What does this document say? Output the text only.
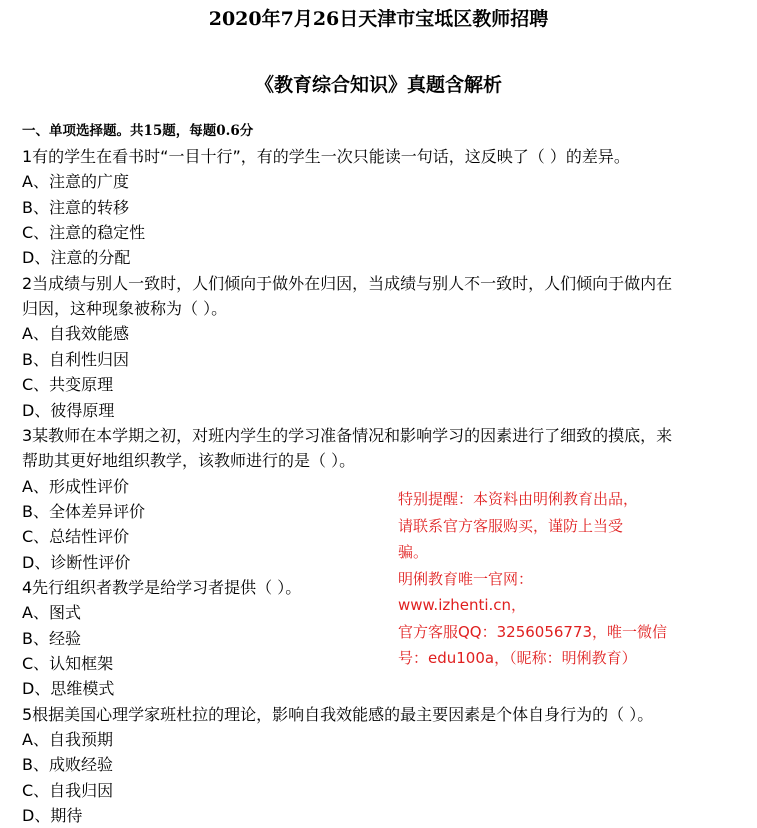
2020年7月26日天津市宝坻区教师招聘
《教育综合知识》真题含解析
一、单项选择题。共15题，每题0.6分
1有的学生在看书时“一目十行”，有的学生一次只能读一句话，这反映了（ ）的差异。
A、注意的广度
B、注意的转移
C、注意的稳定性
D、注意的分配
2当成绩与别人一致时，人们倾向于做外在归因，当成绩与别人不一致时，人们倾向于做内在
归因，这种现象被称为（ ）。
A、自我效能感
B、自利性归因
C、共变原理
D、彼得原理
3某教师在本学期之初，对班内学生的学习准备情况和影响学习的因素进行了细致的摸底，来
帮助其更好地组织教学，该教师进行的是（ ）。
A、形成性评价
B、全体差异评价
C、总结性评价
D、诊断性评价
4先行组织者教学是给学习者提供（ ）。
A、图式
B、经验
C、认知框架
D、思维模式
5根据美国心理学家班杜拉的理论，影响自我效能感的最主要因素是个体自身行为的（ ）。
A、自我预期
B、成败经验
C、自我归因
D、期待
特别提醒：本资料由明俐教育出品，
请联系官方客服购买，谨防上当受
骗。
明俐教育唯一官网：
www.izhenti.cn，
官方客服QQ：3256056773，唯一微信
号：edu100a，（昵称：明俐教育）
